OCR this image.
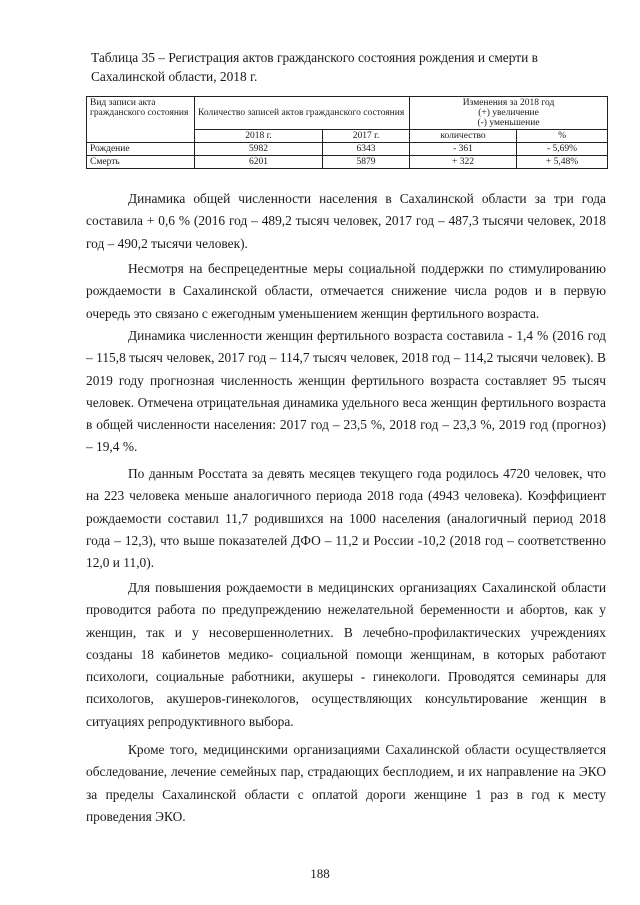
Таблица 35 – Регистрация актов гражданского состояния рождения и смерти в Сахалинской области, 2018 г.
Вид записи акта гражданского состояния	Количество записей актов гражданского состояния		Изменения за 2018 год
(+) увеличение
(-) уменьшение	

	2018 г.	2017 г.	количество	%
Рождение	5982	6343	- 361	- 5,69%
Смерть	6201	5879	+ 322	+ 5,48%

Динамика общей численности населения в Сахалинской области за три года составила + 0,6 % (2016 год – 489,2 тысяч человек, 2017 год – 487,3 тысячи человек, 2018 год – 490,2 тысячи человек).

Несмотря на беспрецедентные меры социальной поддержки по стимулированию рождаемости в Сахалинской области, отмечается снижение числа родов и в первую очередь это связано с ежегодным уменьшением женщин фертильного возраста.

Динамика численности женщин фертильного возраста составила - 1,4 % (2016 год – 115,8 тысяч человек, 2017 год – 114,7 тысяч человек, 2018 год – 114,2 тысячи человек). В 2019 году прогнозная численность женщин фертильного возраста составляет 95 тысяч человек. Отмечена отрицательная динамика удельного веса женщин фертильного возраста в общей численности населения: 2017 год – 23,5 %, 2018 год – 23,3 %, 2019 год (прогноз) – 19,4 %.

По данным Росстата за девять месяцев текущего года родилось 4720 человек, что на 223 человека меньше аналогичного периода 2018 года (4943 человека). Коэффициент рождаемости составил 11,7 родившихся на 1000 населения (аналогичный период 2018 года – 12,3), что выше показателей ДФО – 11,2 и России -10,2 (2018 год – соответственно 12,0 и 11,0).

Для повышения рождаемости в медицинских организациях Сахалинской области проводится работа по предупреждению нежелательной беременности и абортов, как у женщин, так и у несовершеннолетних. В лечебно-профилактических учреждениях созданы 18 кабинетов медико- социальной помощи женщинам, в которых работают психологи, социальные работники, акушеры - гинекологи. Проводятся семинары для психологов, акушеров-гинекологов, осуществляющих консультирование женщин в ситуациях репродуктивного выбора.

Кроме того, медицинскими организациями Сахалинской области осуществляется обследование, лечение семейных пар, страдающих бесплодием, и их направление на ЭКО за пределы Сахалинской области с оплатой дороги женщине 1 раз в год к месту проведения ЭКО.

188
